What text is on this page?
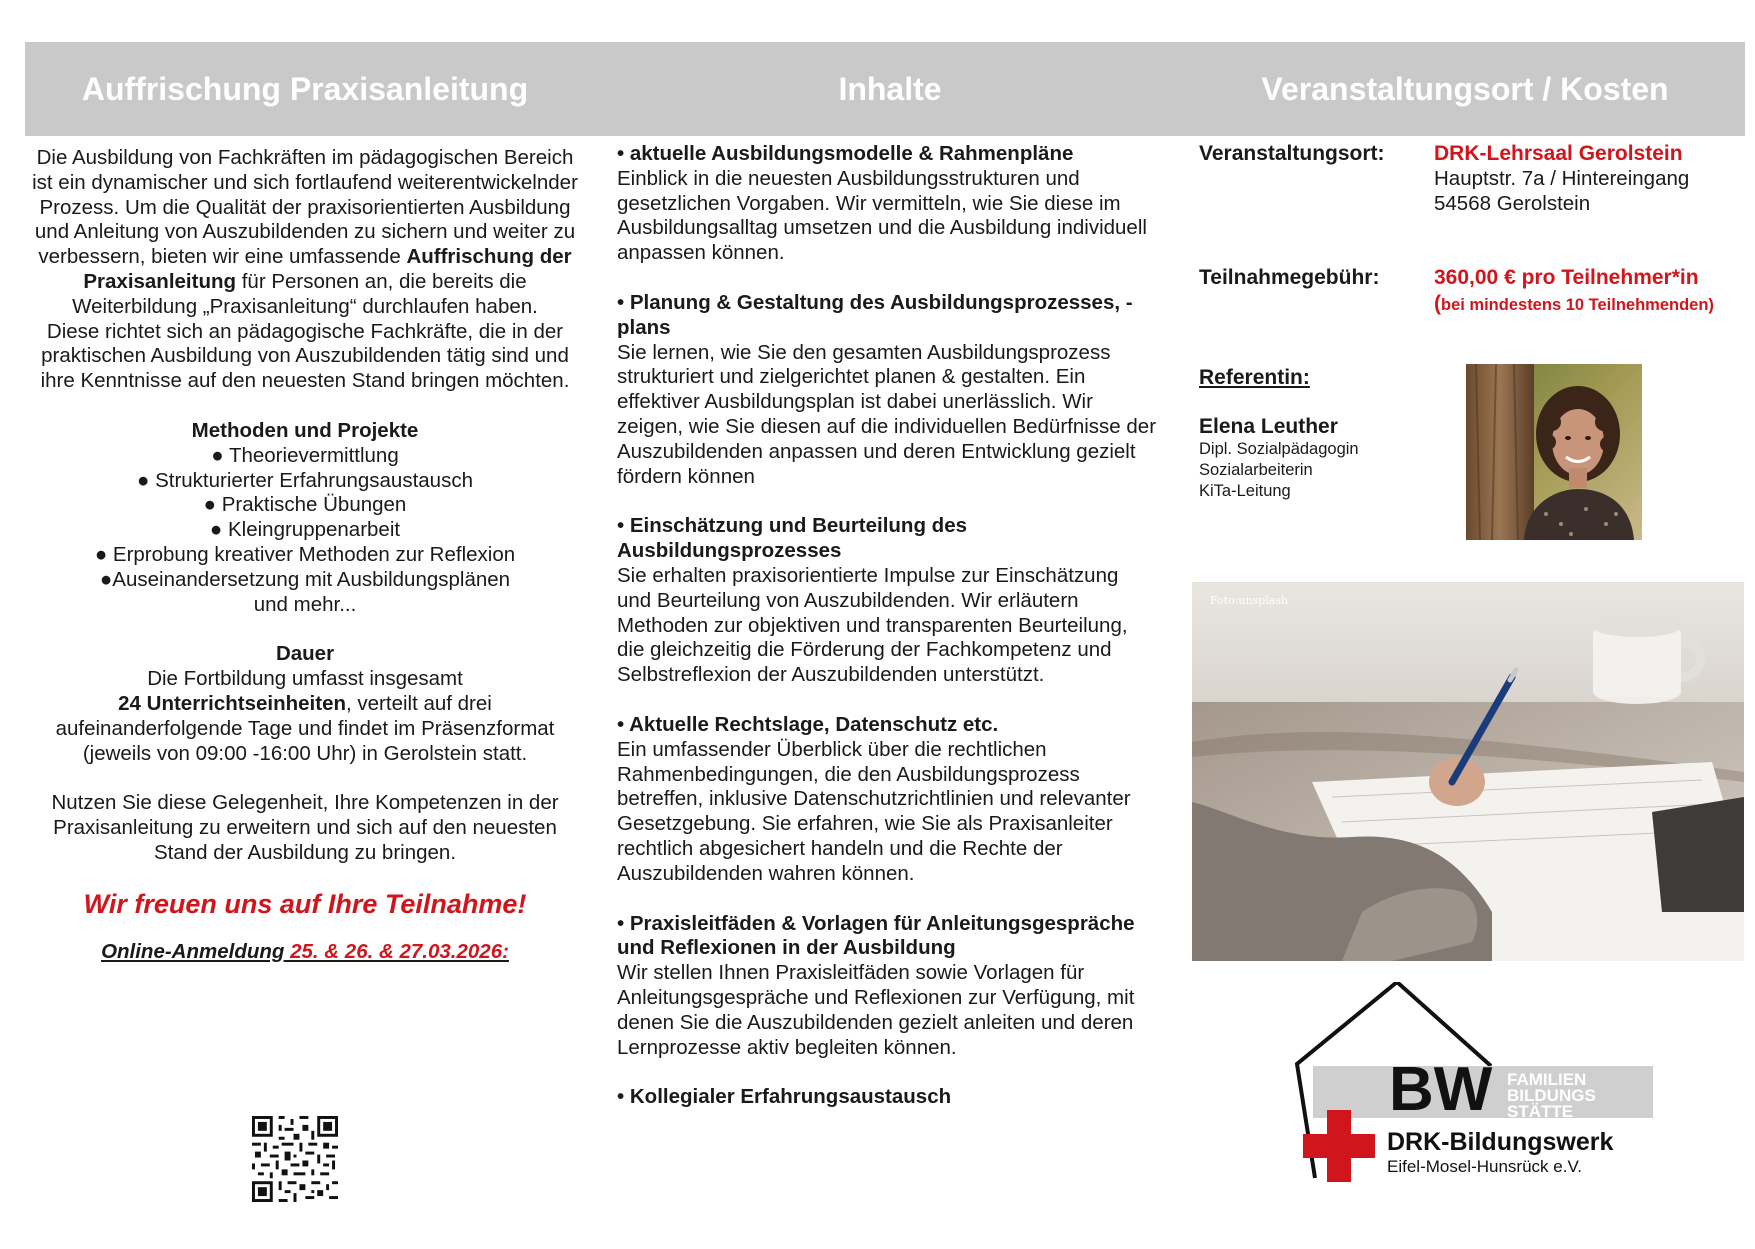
Auffrischung Praxisanleitung	Inhalte	Veranstaltungsort / Kosten

Die Ausbildung von Fachkräften im pädagogischen Bereich ist ein dynamischer und sich fortlaufend weiterentwickelnder Prozess. Um die Qualität der praxisorientierten Ausbildung und Anleitung von Auszubildenden zu sichern und weiter zu verbessern, bieten wir eine umfassende Auffrischung der Praxisanleitung für Personen an, die bereits die Weiterbildung „Praxisanleitung“ durchlaufen haben.

Diese richtet sich an pädagogische Fachkräfte, die in der praktischen Ausbildung von Auszubildenden tätig sind und ihre Kenntnisse auf den neuesten Stand bringen möchten.

Methoden und Projekte

● Theorievermittlung

● Strukturierter Erfahrungsaustausch

● Praktische Übungen

● Kleingruppenarbeit

● Erprobung kreativer Methoden zur Reflexion

●Auseinandersetzung mit Ausbildungsplänen

und mehr...

Dauer

Die Fortbildung umfasst insgesamt
24 Unterrichtseinheiten, verteilt auf drei aufeinanderfolgende Tage und findet im Präsenzformat (jeweils von 09:00 -16:00 Uhr) in Gerolstein statt.

Nutzen Sie diese Gelegenheit, Ihre Kompetenzen in der Praxisanleitung zu erweitern und sich auf den neuesten Stand der Ausbildung zu bringen.

Wir freuen uns auf Ihre Teilnahme!

Online-Anmeldung 25. & 26. & 27.03.2026:

• aktuelle Ausbildungsmodelle & Rahmenpläne
Einblick in die neuesten Ausbildungsstrukturen und gesetzlichen Vorgaben. Wir vermitteln, wie Sie diese im Ausbildungsalltag umsetzen und die Ausbildung individuell anpassen können.
• Planung & Gestaltung des Ausbildungsprozesses, -plans
Sie lernen, wie Sie den gesamten Ausbildungsprozess strukturiert und zielgerichtet planen & gestalten. Ein effektiver Ausbildungsplan ist dabei unerlässlich. Wir zeigen, wie Sie diesen auf die individuellen Bedürfnisse der Auszubildenden anpassen und deren Entwicklung gezielt fördern können
• Einschätzung und Beurteilung des Ausbildungsprozesses
Sie erhalten praxisorientierte Impulse zur Einschätzung und Beurteilung von Auszubildenden. Wir erläutern Methoden zur objektiven und transparenten Beurteilung, die gleichzeitig die Förderung der Fachkompetenz und Selbstreflexion der Auszubildenden unterstützt.
• Aktuelle Rechtslage, Datenschutz etc.
Ein umfassender Überblick über die rechtlichen Rahmenbedingungen, die den Ausbildungsprozess betreffen, inklusive Datenschutzrichtlinien und relevanter Gesetzgebung. Sie erfahren, wie Sie als Praxisanleiter rechtlich abgesichert handeln und die Rechte der Auszubildenden wahren können.
• Praxisleitfäden & Vorlagen für Anleitungsgespräche und Reflexionen in der Ausbildung
Wir stellen Ihnen Praxisleitfäden sowie Vorlagen für Anleitungsgespräche und Reflexionen zur Verfügung, mit denen Sie die Auszubildenden gezielt anleiten und deren Lernprozesse aktiv begleiten können.
• Kollegialer Erfahrungsaustausch
Veranstaltungsort: DRK-Lehrsaal Gerolstein
Hauptstr. 7a / Hintereingang
54568 Gerolstein
Teilnahmegebühr:	360,00 € pro Teilnehmer*in
(bei mindestens 10 Teilnehmenden)
Referentin:
Elena Leuther
Dipl. Sozialpädagogin
Sozialarbeiterin
KiTa-Leitung
Foto:unsplash
BW FAMILIEN
BILDUNGS
STÄTTE
DRK-Bildungswerk
Eifel-Mosel-Hunsrück e.V.
